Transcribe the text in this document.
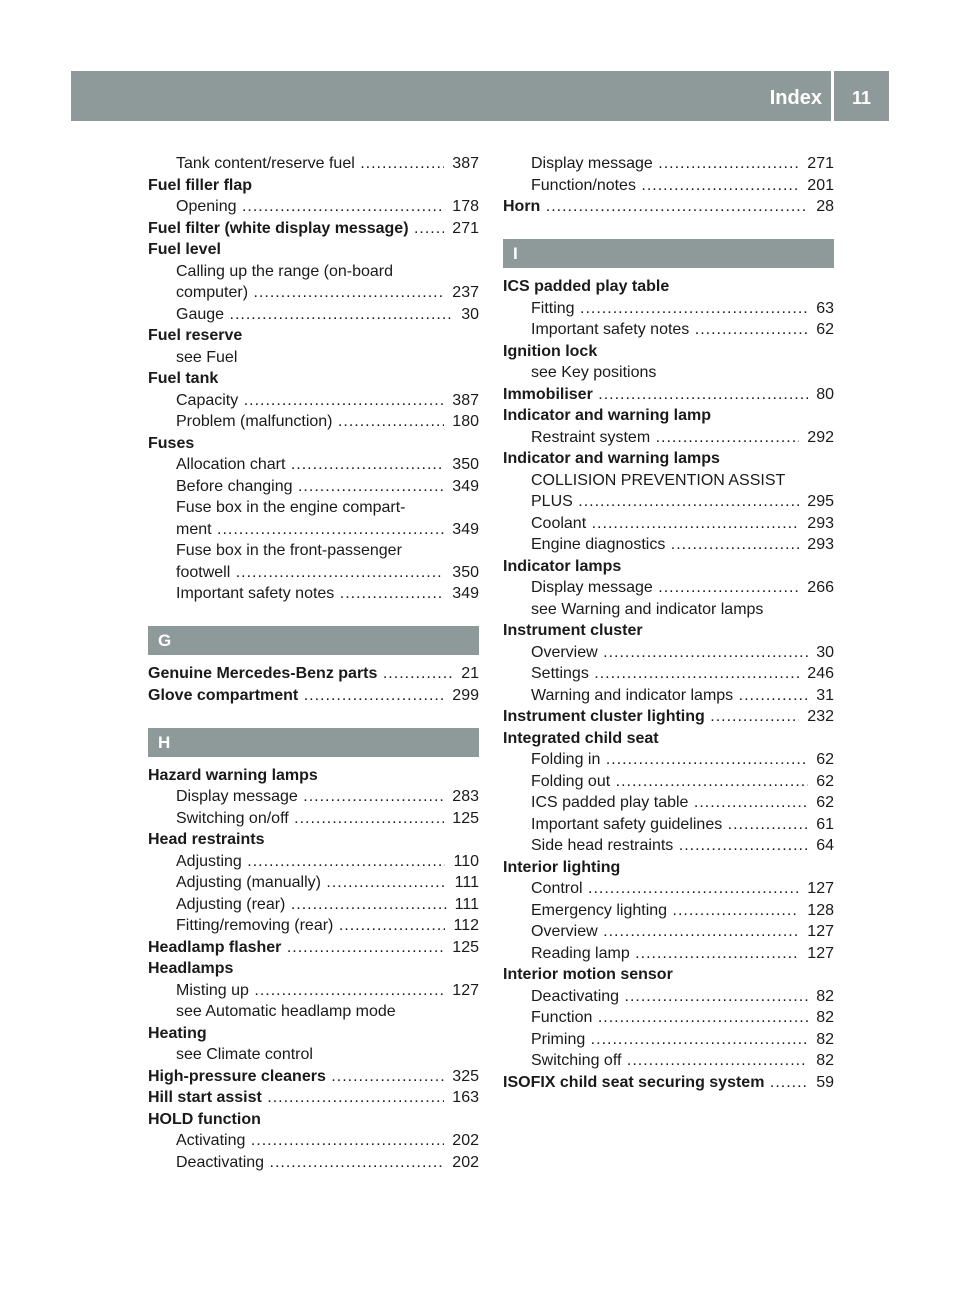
Index	11
Tank content/reserve fuel	387
.....
Fuel filler flap
Opening	178
.....
Fuel filter (white display message)	271
.....
Fuel level
Calling up the range (on-board
computer)	237
.....
Gauge	30
.....
Fuel reserve
see Fuel
Fuel tank
Capacity	387
.....
Problem (malfunction)	180
.....
Fuses
Allocation chart	350
.....
Before changing	349
.....
Fuse box in the engine compart-
ment	349
.....
Fuse box in the front-passenger
footwell	350
.....
Important safety notes	349
.....
G
Genuine Mercedes-Benz parts	21
.....
Glove compartment	299
.....
H
Hazard warning lamps
Display message	283
.....
Switching on/off	125
.....
Head restraints
Adjusting	110
.....
Adjusting (manually)	111
.....
Adjusting (rear)	111
.....
Fitting/removing (rear)	112
.....
Headlamp flasher	125
.....
Headlamps
Misting up	127
.....
see Automatic headlamp mode
Heating
see Climate control
High-pressure cleaners	325
.....
Hill start assist	163
.....
HOLD function
Activating	202
.....
Deactivating	202
.....
Display message	271
.....
Function/notes	201
.....
Horn	28
.....
I
ICS padded play table
Fitting	63
.....
Important safety notes	62
.....
Ignition lock
see Key positions
Immobiliser	80
.....
Indicator and warning lamp
Restraint system	292
.....
Indicator and warning lamps
COLLISION PREVENTION ASSIST
PLUS	295
.....
Coolant	293
.....
Engine diagnostics	293
.....
Indicator lamps
Display message	266
.....
see Warning and indicator lamps
Instrument cluster
Overview	30
.....
Settings	246
.....
Warning and indicator lamps	31
.....
Instrument cluster lighting	232
.....
Integrated child seat
Folding in	62
.....
Folding out	62
.....
ICS padded play table	62
.....
Important safety guidelines	61
.....
Side head restraints	64
.....
Interior lighting
Control	127
.....
Emergency lighting	128
.....
Overview	127
.....
Reading lamp	127
.....
Interior motion sensor
Deactivating	82
.....
Function	82
.....
Priming	82
.....
Switching off	82
.....
ISOFIX child seat securing system	59
.....
